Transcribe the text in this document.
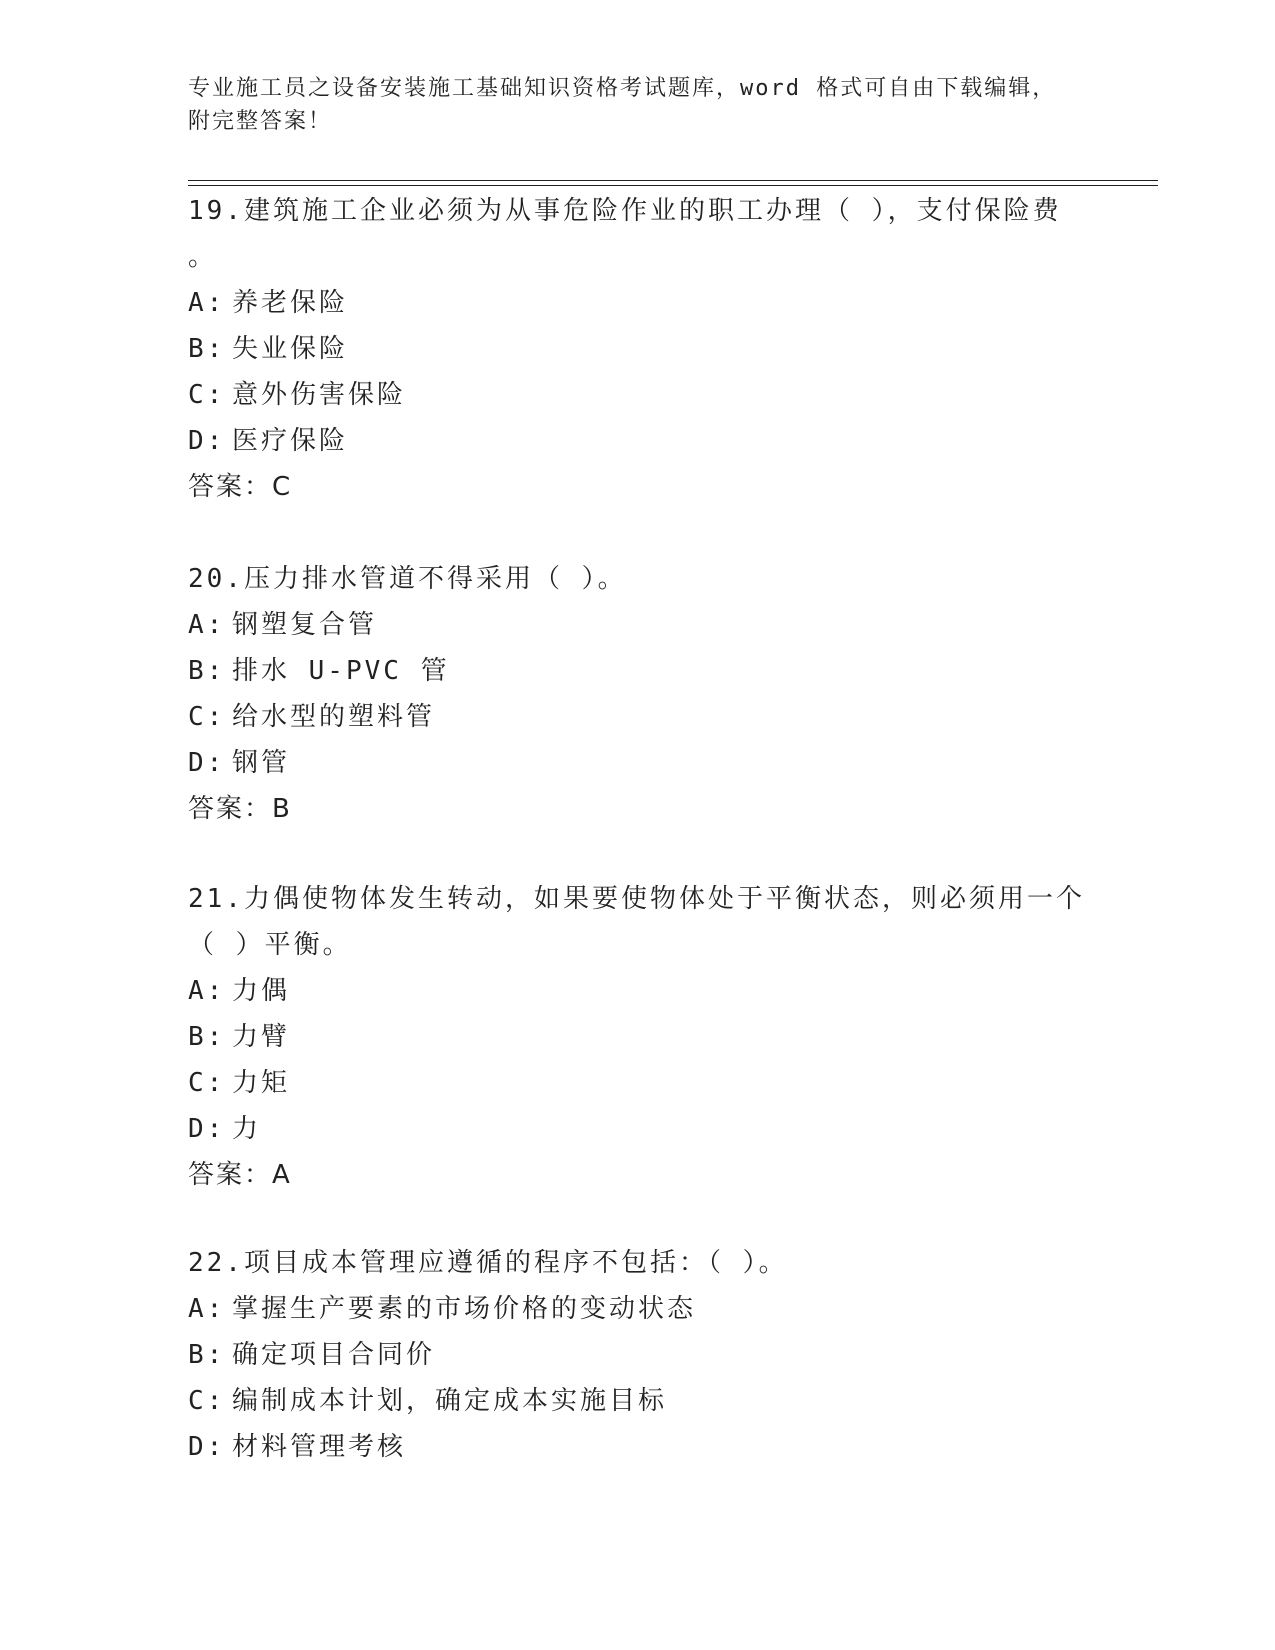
专业施工员之设备安装施工基础知识资格考试题库，word 格式可自由下载编辑，
附完整答案！
19.建筑施工企业必须为从事危险作业的职工办理（ ），支付保险费
。
A: 养老保险
B: 失业保险
C: 意外伤害保险
D: 医疗保险
答案：C
20.压力排水管道不得采用（ ）。
A: 钢塑复合管
B: 排水 U-PVC 管
C: 给水型的塑料管
D: 钢管
答案：B
21.力偶使物体发生转动，如果要使物体处于平衡状态，则必须用一个
（ ）平衡。
A: 力偶
B: 力臂
C: 力矩
D: 力
答案：A
22.项目成本管理应遵循的程序不包括：（ ）。
A: 掌握生产要素的市场价格的变动状态
B: 确定项目合同价
C: 编制成本计划，确定成本实施目标
D: 材料管理考核
